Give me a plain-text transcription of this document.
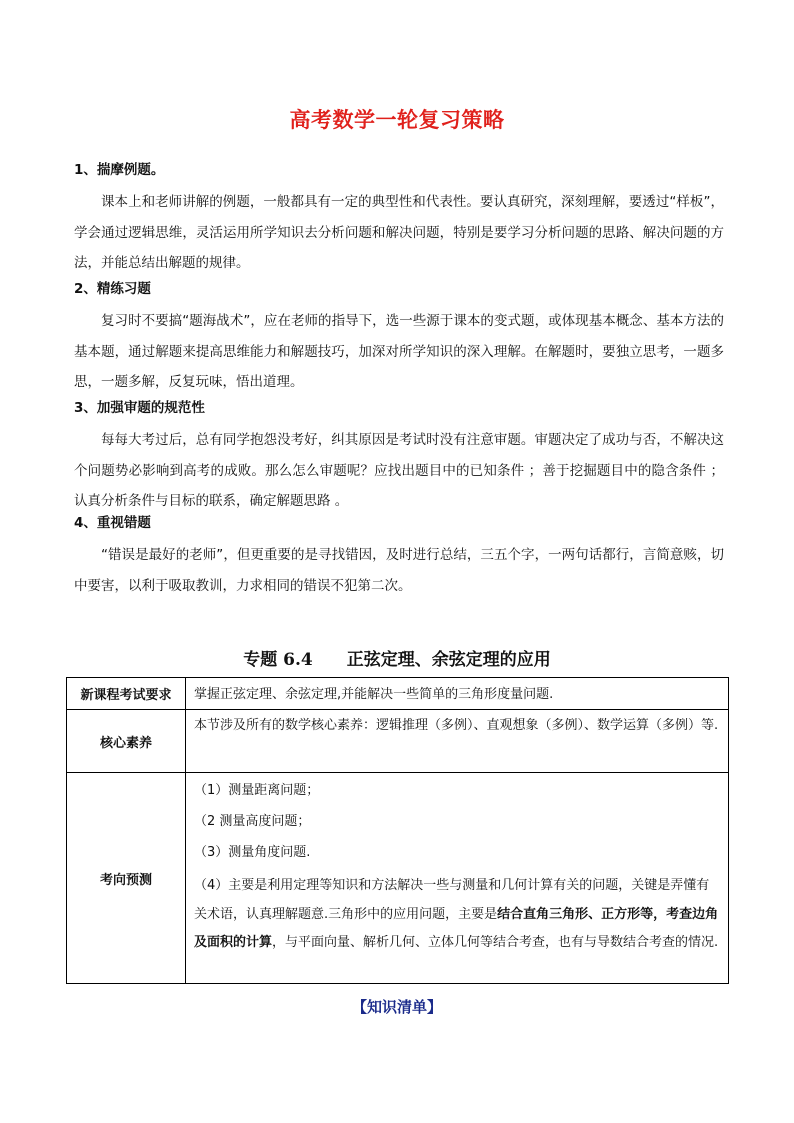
高考数学一轮复习策略
1、揣摩例题。
课本上和老师讲解的例题，一般都具有一定的典型性和代表性。要认真研究，深刻理解，要透过“样板”，学会通过逻辑思维，灵活运用所学知识去分析问题和解决问题，特别是要学习分析问题的思路、解决问题的方法，并能总结出解题的规律。
2、精练习题
复习时不要搞“题海战术”，应在老师的指导下，选一些源于课本的变式题，或体现基本概念、基本方法的基本题，通过解题来提高思维能力和解题技巧，加深对所学知识的深入理解。在解题时，要独立思考，一题多思，一题多解，反复玩味，悟出道理。
3、加强审题的规范性
每每大考过后，总有同学抱怨没考好，纠其原因是考试时没有注意审题。审题决定了成功与否，不解决这个问题势必影响到高考的成败。那么怎么审题呢？应找出题目中的已知条件 ；善于挖掘题目中的隐含条件 ；认真分析条件与目标的联系，确定解题思路 。
4、重视错题
“错误是最好的老师”，但更重要的是寻找错因，及时进行总结，三五个字，一两句话都行，言简意赅，切中要害，以利于吸取教训，力求相同的错误不犯第二次。
专题 6.4 正弦定理、余弦定理的应用
新课程考试要求	掌握正弦定理、余弦定理,并能解决一些简单的三角形度量问题.
核心素养	本节涉及所有的数学核心素养：逻辑推理（多例）、直观想象（多例）、数学运算（多例）等.
考向预测	（1）测量距离问题；
（2 测量高度问题；
（3）测量角度问题.
（4）主要是利用定理等知识和方法解决一些与测量和几何计算有关的问题，关键是弄懂有关术语，认真理解题意.三角形中的应用问题，主要是结合直角三角形、正方形等，考查边角及面积的计算，与平面向量、解析几何、立体几何等结合考查，也有与导数结合考查的情况.
【知识清单】
